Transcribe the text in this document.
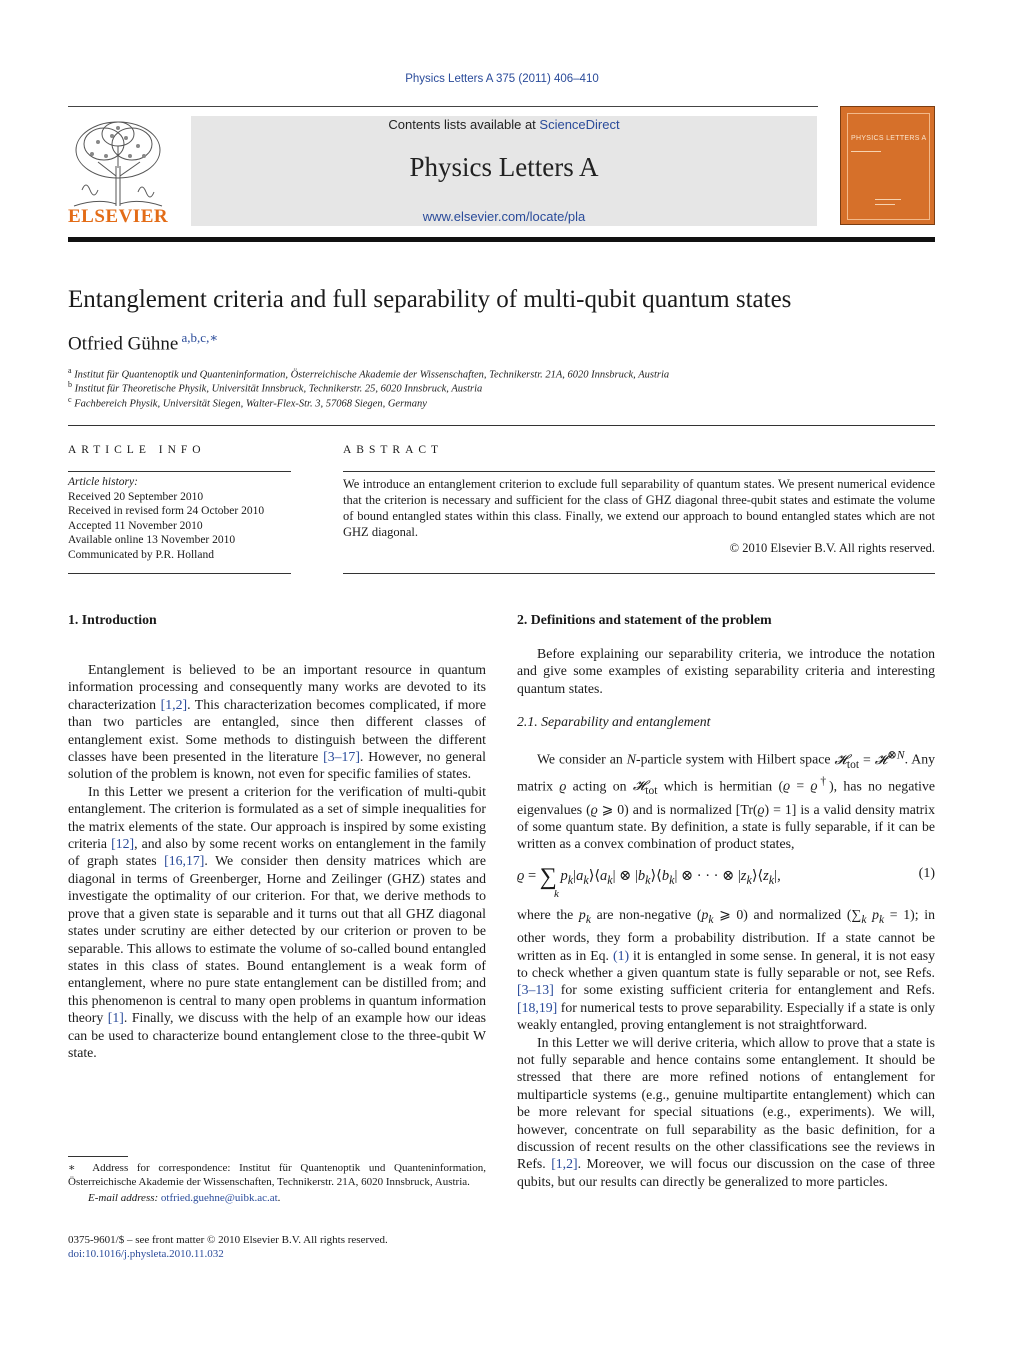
Physics Letters A 375 (2011) 406–410
ELSEVIER
Contents lists available at ScienceDirect
Physics Letters A
www.elsevier.com/locate/pla
PHYSICS LETTERS A
Entanglement criteria and full separability of multi-qubit quantum states
Otfried Gühne $^{a,b,c,∗}$
$^a$ Institut für Quantenoptik und Quanteninformation, Österreichische Akademie der Wissenschaften, Technikerstr. 21A, 6020 Innsbruck, Austria
$^b$ Institut für Theoretische Physik, Universität Innsbruck, Technikerstr. 25, 6020 Innsbruck, Austria
$^c$ Fachbereich Physik, Universität Siegen, Walter-Flex-Str. 3, 57068 Siegen, Germany
ARTICLE INFO
Article history:
Received 20 September 2010
Received in revised form 24 October 2010
Accepted 11 November 2010
Available online 13 November 2010
Communicated by P.R. Holland
ABSTRACT
We introduce an entanglement criterion to exclude full separability of quantum states. We present numerical evidence that the criterion is necessary and sufficient for the class of GHZ diagonal three-qubit states and estimate the volume of bound entangled states within this class. Finally, we extend our approach to bound entangled states which are not GHZ diagonal.
© 2010 Elsevier B.V. All rights reserved.
1. Introduction

Entanglement is believed to be an important resource in quantum information processing and consequently many works are devoted to its characterization [1,2]. This characterization becomes complicated, if more than two particles are entangled, since then different classes of entanglement exist. Some methods to distinguish between the different classes have been presented in the literature [3–17]. However, no general solution of the problem is known, not even for specific families of states.

In this Letter we present a criterion for the verification of multi-qubit entanglement. The criterion is formulated as a set of simple inequalities for the matrix elements of the state. Our approach is inspired by some existing criteria [12], and also by some recent works on entanglement in the family of graph states [16,17]. We consider then density matrices which are diagonal in terms of Greenberger, Horne and Zeilinger (GHZ) states and investigate the optimality of our criterion. For that, we derive methods to prove that a given state is separable and it turns out that all GHZ diagonal states under scrutiny are either detected by our criterion or proven to be separable. This allows to estimate the volume of so-called bound entangled states in this class of states. Bound entanglement is a weak form of entanglement, where no pure state entanglement can be distilled from; and this phenomenon is central to many open problems in quantum information theory [1]. Finally, we discuss with the help of an example how our ideas can be used to characterize bound entanglement close to the three-qubit W state.

∗ Address for correspondence: Institut für Quantenoptik und Quanteninformation, Österreichische Akademie der Wissenschaften, Technikerstr. 21A, 6020 Innsbruck, Austria.
E-mail address: otfried.guehne@uibk.ac.at.
0375-9601/$ – see front matter © 2010 Elsevier B.V. All rights reserved.
doi:10.1016/j.physleta.2010.11.032
2. Definitions and statement of the problem

Before explaining our separability criteria, we introduce the notation and give some examples of existing separability criteria and interesting quantum states.

2.1. Separability and entanglement

We consider an N-particle system with Hilbert space 𝓗$_{tot}$ = 𝓗$^{\otimes N}$. Any matrix ϱ acting on 𝓗$_{tot}$ which is hermitian (ϱ = ϱ†), has no negative eigenvalues (ϱ ⩾ 0) and is normalized [Tr(ϱ) = 1] is a valid density matrix of some quantum state. By definition, a state is fully separable, if it can be written as a convex combination of product states,

ϱ = ∑
k
$p_k|a_k⟩⟨a_k|$ ⊗ $|b_k⟩⟨b_k|$ ⊗ · · · ⊗ $|z_k⟩⟨z_k|$,	(1)

where the $p_k$ are non-negative ($p_k$ ⩾ 0) and normalized ($\sum_k$ $p_k = 1$); in other words, they form a probability distribution. If a state cannot be written as in Eq. (1) it is entangled in some sense. In general, it is not easy to check whether a given quantum state is fully separable or not, see Refs. [3–13] for some existing sufficient criteria for entanglement and Refs. [18,19] for numerical tests to prove separability. Especially if a state is only weakly entangled, proving entanglement is not straightforward.

In this Letter we will derive criteria, which allow to prove that a state is not fully separable and hence contains some entanglement. It should be stressed that there are more refined notions of entanglement for multiparticle systems (e.g., genuine multipartite entanglement) which can be more relevant for special situations (e.g., experiments). We will, however, concentrate on full separability as the basic definition, for a discussion of recent results on the other classifications see the reviews in Refs. [1,2]. Moreover, we will focus our discussion on the case of three qubits, but our results can directly be generalized to more particles.
